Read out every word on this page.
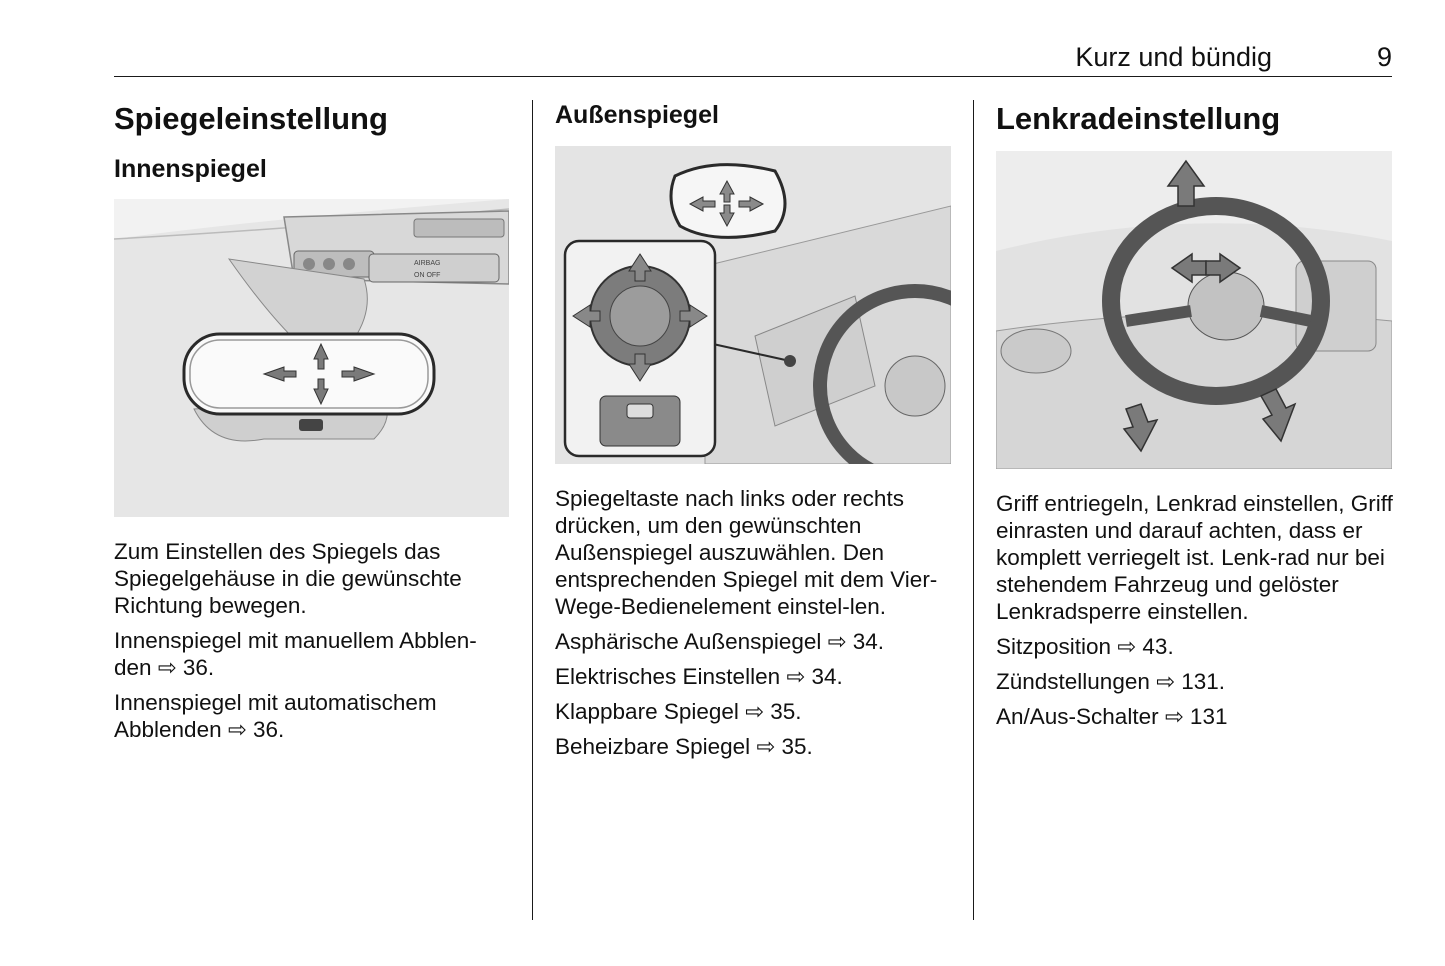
Kurz und bündig	9
Spiegeleinstellung
Innenspiegel
AIRBAG
ON OFF

Zum Einstellen des Spiegels das Spiegelgehäuse in die gewünschte Richtung bewegen.

Innenspiegel mit manuellem Abblen-den ⇨ 36.

Innenspiegel mit automatischem Abblenden ⇨ 36.

Außenspiegel

Spiegeltaste nach links oder rechts drücken, um den gewünschten Außenspiegel auszuwählen. Den entsprechenden Spiegel mit dem Vier-Wege-Bedienelement einstel-len.

Asphärische Außenspiegel ⇨ 34.

Elektrisches Einstellen ⇨ 34.

Klappbare Spiegel ⇨ 35.

Beheizbare Spiegel ⇨ 35.

Lenkradeinstellung

Griff entriegeln, Lenkrad einstellen, Griff einrasten und darauf achten, dass er komplett verriegelt ist. Lenk-rad nur bei stehendem Fahrzeug und gelöster Lenkradsperre einstellen.

Sitzposition ⇨ 43.

Zündstellungen ⇨ 131.

An/Aus-Schalter ⇨ 131
